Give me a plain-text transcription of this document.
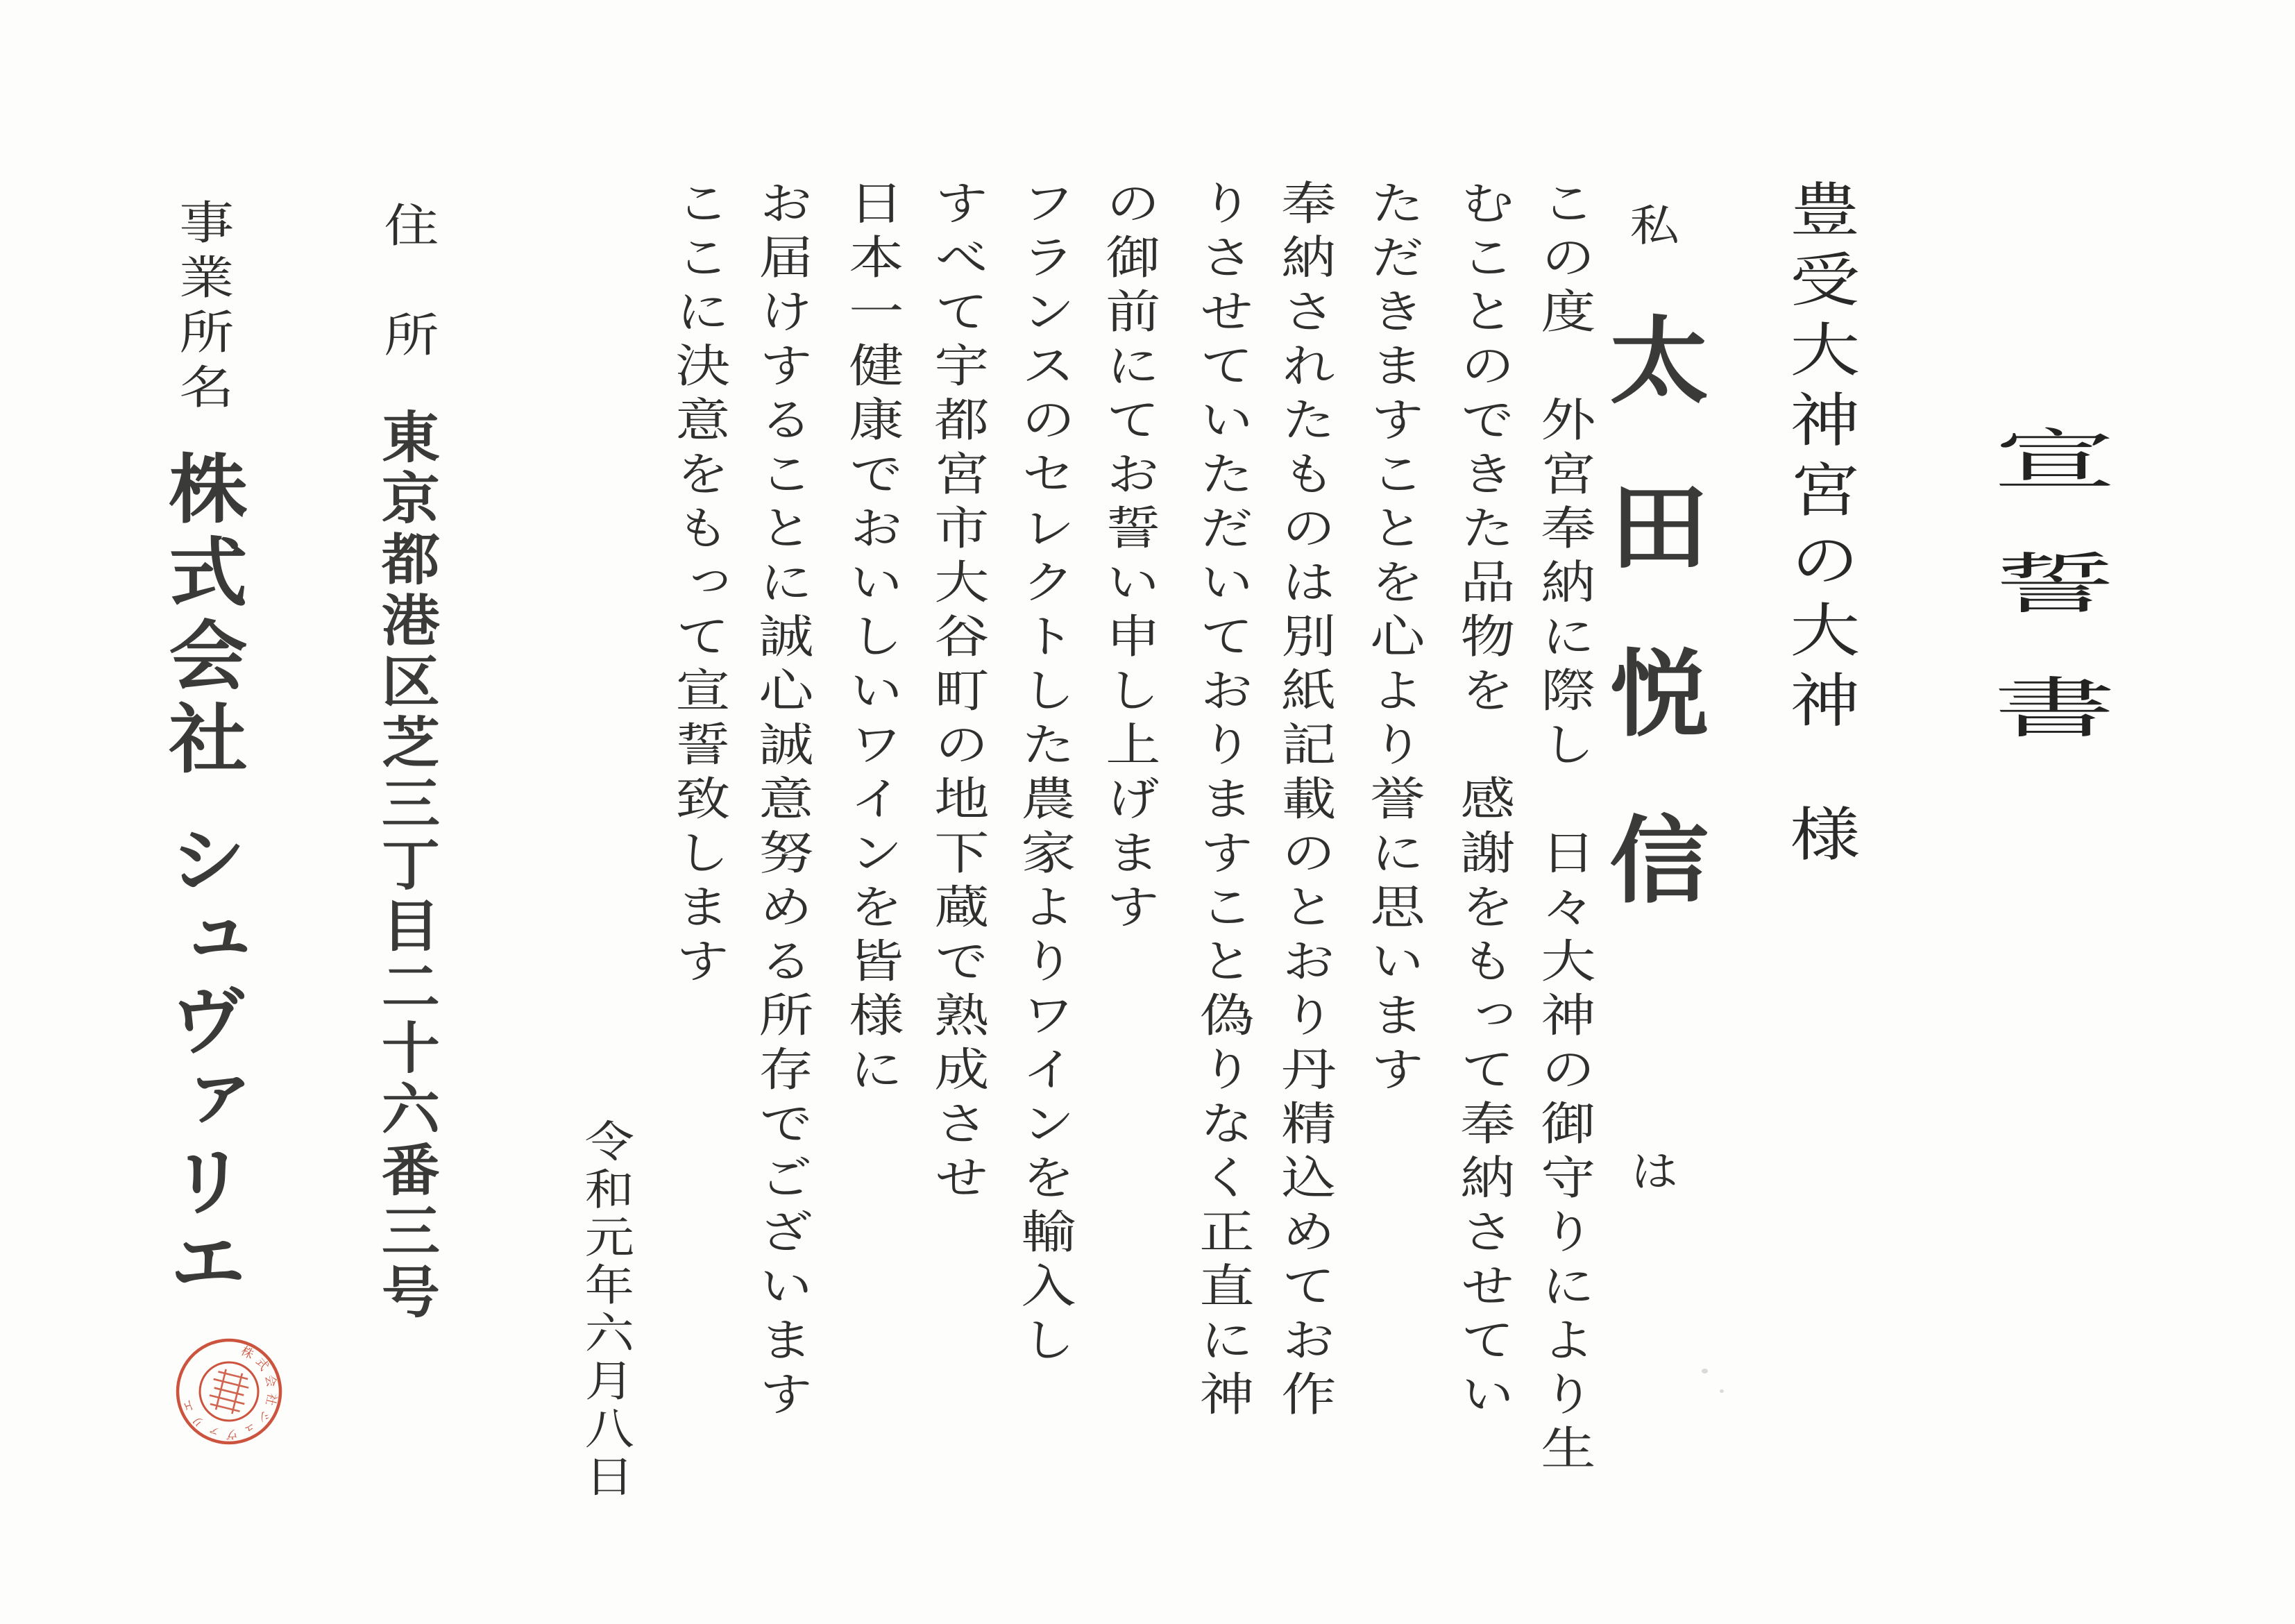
宣誓書
豊受大神宮の大神
様
私
太田悦信
は
この度　外宮奉納に際し　日々大神の御守りにより生
むことのできた品物を　感謝をもって奉納させてい
ただきますことを心より誉に思います
奉納されたものは別紙記載のとおり丹精込めてお作
りさせていただいておりますこと偽りなく正直に神
の御前にてお誓い申し上げます
フランスのセレクトした農家よりワインを輸入し
すべて宇都宮市大谷町の地下蔵で熟成させ
日本一健康でおいしいワインを皆様に
お届けすることに誠心誠意努める所存でございます
ここに決意をもって宣誓致します
令和元年六月八日
住　所
東京都港区芝三丁目二十六番三号
事業所名
株式会社
シュヴァリエ
株式会社シュヴァリエ
